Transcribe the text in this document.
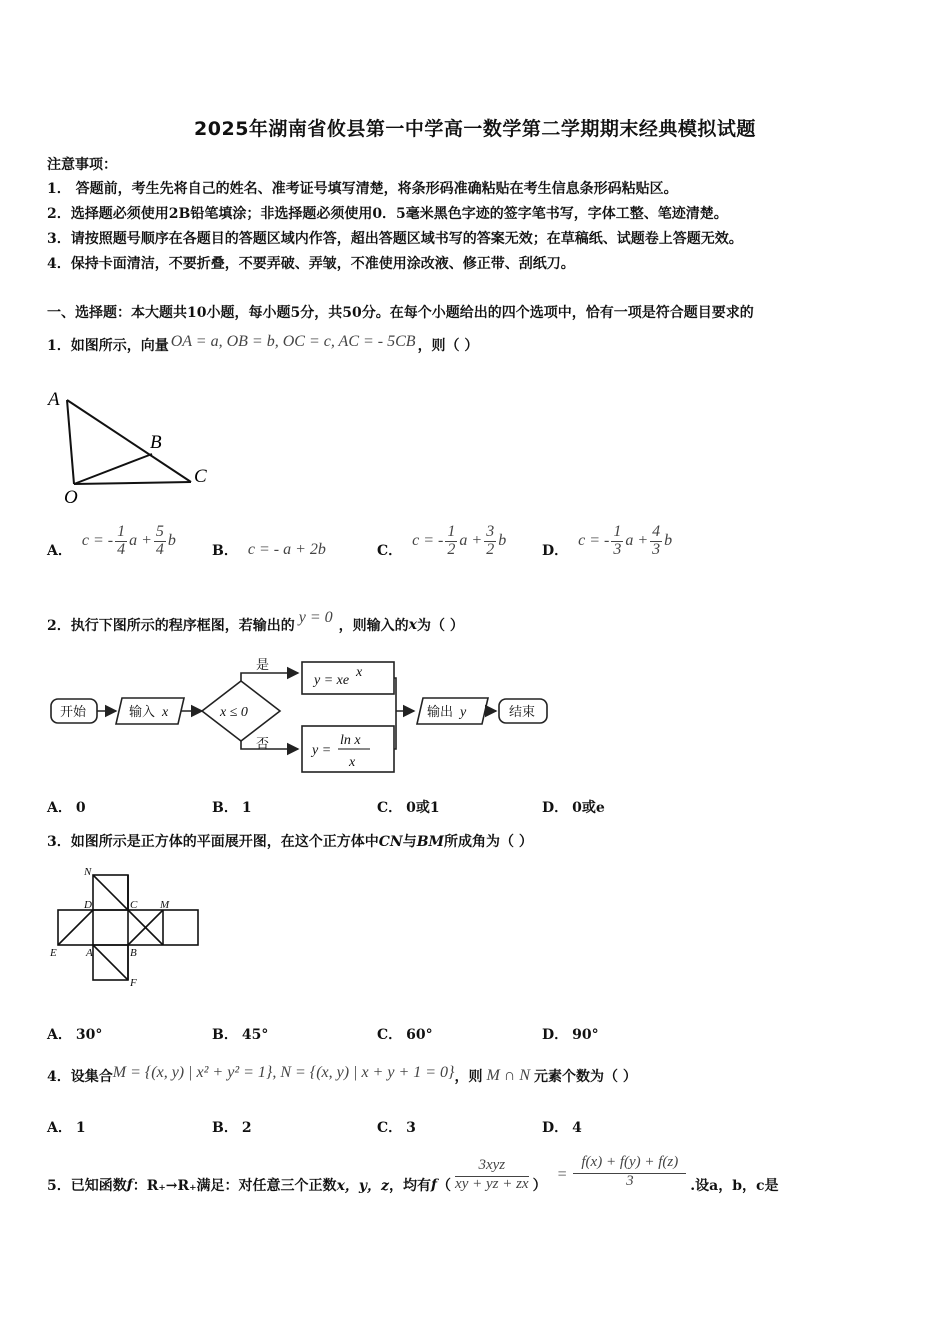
2025年湖南省攸县第一中学高一数学第二学期期末经典模拟试题
注意事项：
1． 答题前，考生先将自己的姓名、准考证号填写清楚，将条形码准确粘贴在考生信息条形码粘贴区。
2．选择题必须使用2B铅笔填涂；非选择题必须使用0．5毫米黑色字迹的签字笔书写，字体工整、笔迹清楚。
3．请按照题号顺序在各题目的答题区域内作答，超出答题区域书写的答案无效；在草稿纸、试题卷上答题无效。
4．保持卡面清洁，不要折叠，不要弄破、弄皱，不准使用涂改液、修正带、刮纸刀。
一、选择题：本大题共10小题，每小题5分，共50分。在每个小题给出的四个选项中，恰有一项是符合题目要求的
1．如图所示，向量 OA = a, OB = b, OC = c, AC = - 5CB ，则（ ）
A
B
C
O
A．
c = - $\frac{1}{4}$ $a + \frac{5}{4}$ b
B． c = - a + 2b	C．
c = - $\frac{1}{2}$ $a + \frac{3}{2}$ b
D．
c = - $\frac{1}{3}$ $a + \frac{4}{3}$ b
2．执行下图所示的程序框图，若输出的 y = 0 ，则输入的 x 为（ ）
开始	输入 x	x ≤ 0
是
y = xe
x
否	y =
ln x
x
输出 y	结束
A． 0	B． 1	C． 0或1	D． 0或e
3．如图所示是正方体的平面展开图，在这个正方体中CN与BM所成角为（ ）
N
D	C M
E	A	B
F
A． 30°	B． 45°	C． 60°	D． 90°
4．设集合 M = {(x, y) | x² + y² = 1} , N = {(x, y) | x + y + 1 = 0} ，则 M ∩ N 元素个数为（ ）
A． 1	B． 2	C． 3	D． 4
5．已知函数 f ：R₊→R₊满足：对任意三个正数 x，y，z ，均有 f （ $\frac{\text{3xyz}}{xy + yz + zx}$ ）
= $\frac{f(x) + f(y) + f(z)}{3}$ .设a，b，c是
